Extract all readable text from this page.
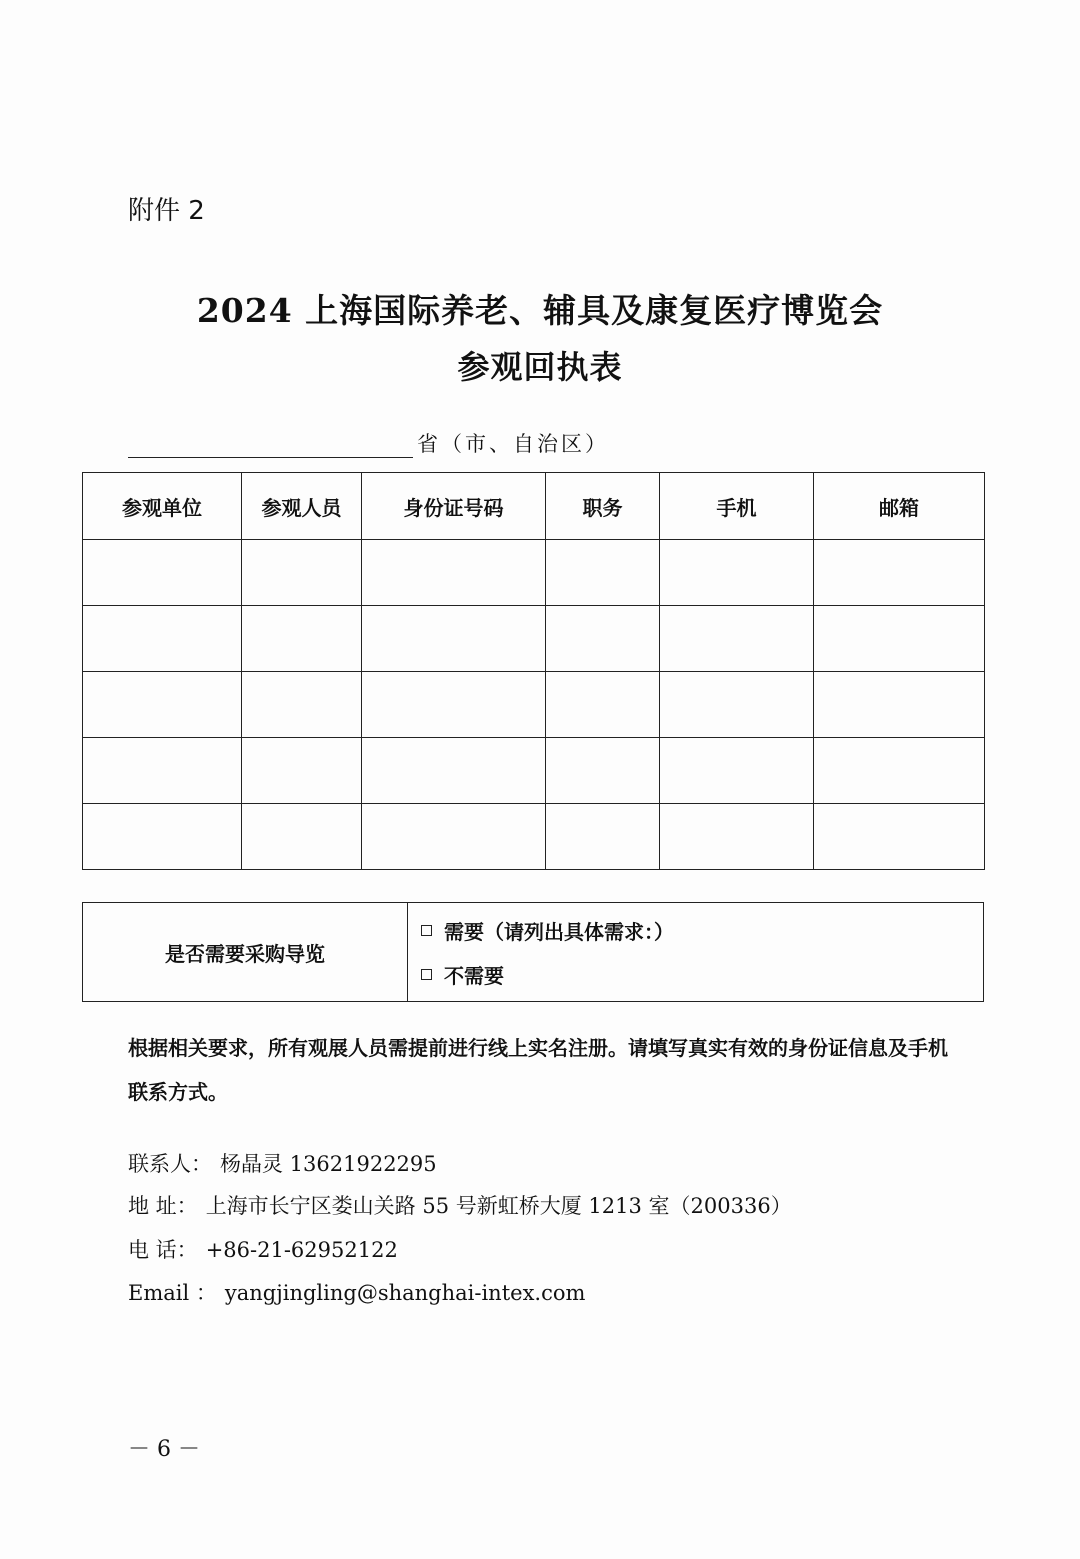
附件 2
2024 上海国际养老、辅具及康复医疗博览会
参观回执表
省（市、自治区）
参观单位	参观人员	身份证号码	职务	手机	邮箱

是否需要采购导览	
需要（请列出具体需求：）
不需要
根据相关要求，所有观展人员需提前进行线上实名注册。请填写真实有效的身份证信息及手机联系方式。
联系人： 杨晶灵 13621922295
地 址： 上海市长宁区娄山关路 55 号新虹桥大厦 1213 室（200336）
电 话： +86-21-62952122
Email ： yangjingling@shanghai-intex.com
－ 6 －
